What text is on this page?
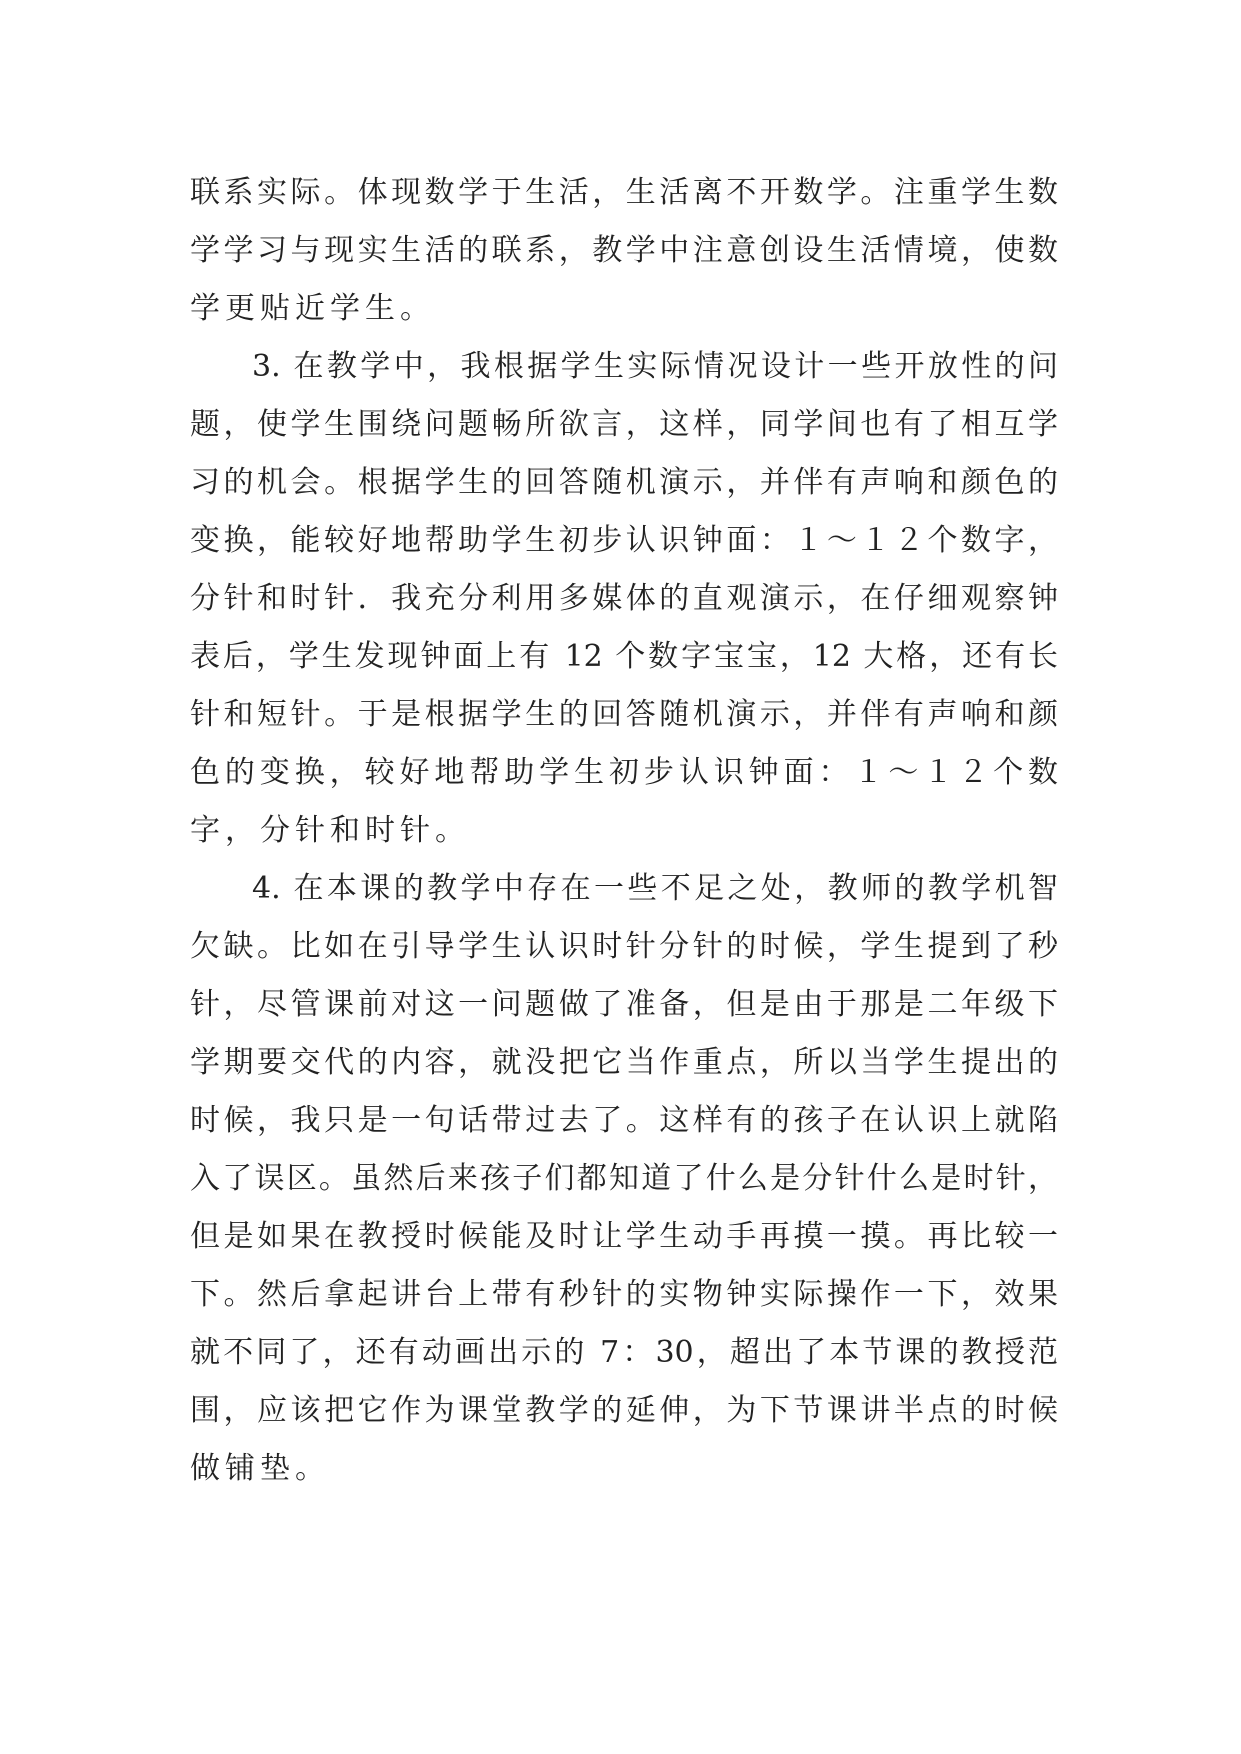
联系实际。体现数学于生活，生活离不开数学。注重学生数
学学习与现实生活的联系，教学中注意创设生活情境，使数
学更贴近学生。
3. 在教学中，我根据学生实际情况设计一些开放性的问
题，使学生围绕问题畅所欲言，这样，同学间也有了相互学
习的机会。根据学生的回答随机演示，并伴有声响和颜色的
变换，能较好地帮助学生初步认识钟面：１～１２个数字，
分针和时针．我充分利用多媒体的直观演示，在仔细观察钟
表后，学生发现钟面上有 12 个数字宝宝，12 大格，还有长
针和短针。于是根据学生的回答随机演示，并伴有声响和颜
色的变换，较好地帮助学生初步认识钟面：１～１２个数
字，分针和时针。
4. 在本课的教学中存在一些不足之处，教师的教学机智
欠缺。比如在引导学生认识时针分针的时候，学生提到了秒
针，尽管课前对这一问题做了准备，但是由于那是二年级下
学期要交代的内容，就没把它当作重点，所以当学生提出的
时候，我只是一句话带过去了。这样有的孩子在认识上就陷
入了误区。虽然后来孩子们都知道了什么是分针什么是时针，
但是如果在教授时候能及时让学生动手再摸一摸。再比较一
下。然后拿起讲台上带有秒针的实物钟实际操作一下，效果
就不同了，还有动画出示的 7：30，超出了本节课的教授范
围，应该把它作为课堂教学的延伸，为下节课讲半点的时候
做铺垫。
